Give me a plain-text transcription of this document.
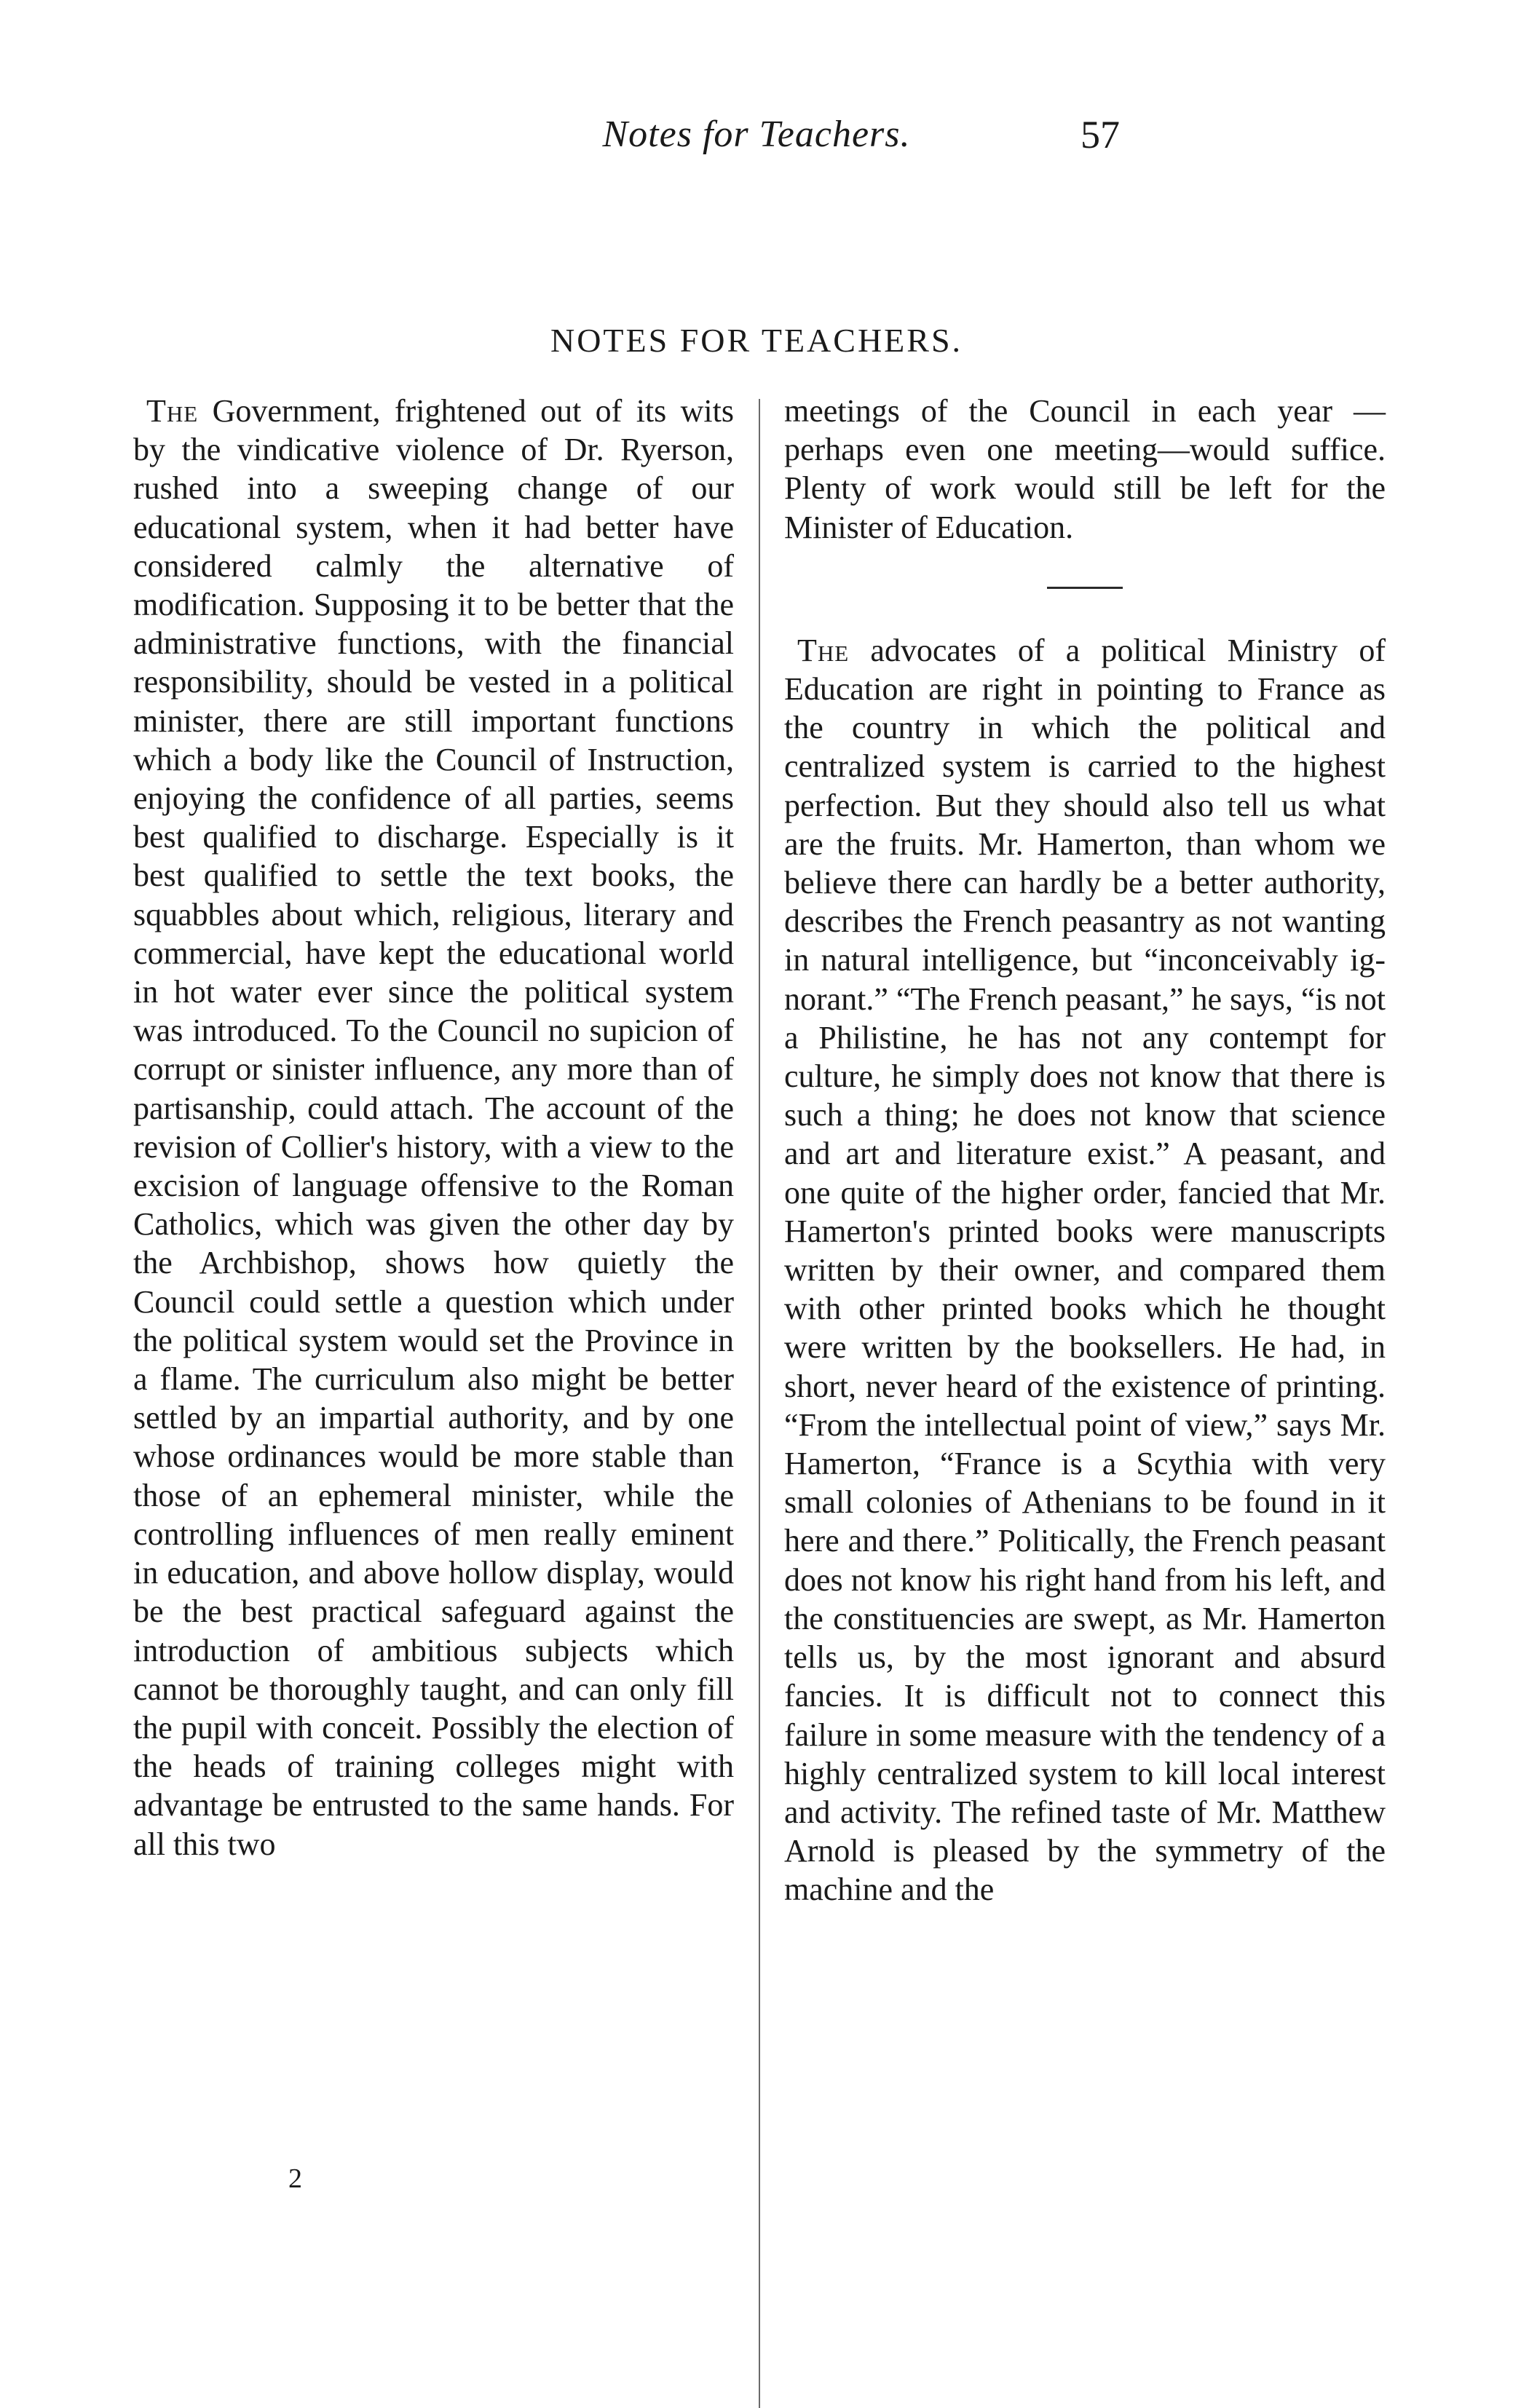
Notes for Teachers.	57
NOTES FOR TEACHERS.

The Government, frightened out of its wits by the vindicative violence of Dr. Ryerson, rushed into a sweeping change of our educational system, when it had better have considered calmly the alternative of modification. Supposing it to be better that the administrative functions, with the financial responsibility, should be vested in a political minister, there are still important functions which a body like the Council of Instruction, enjoying the confidence of all parties, seems best qualified to discharge. Especially is it best qualified to settle the text books, the squabbles about which, religious, literary and commercial, have kept the educational world in hot water ever since the political system was introduced. To the Council no supicion of corrupt or sinister influence, any more than of partisanship, could attach. The account of the revision of Collier's history, with a view to the excision of language offensive to the Roman Catholics, which was given the other day by the Archbishop, shows how quietly the Council could settle a question which under the political system would set the Province in a flame. The curriculum also might be better settled by an impartial authority, and by one whose ordinances would be more stable than those of an ephemeral minister, while the controlling influences of men really eminent in education, and above hollow display, would be the best practical safeguard against the introduction of ambitious subjects which cannot be thoroughly taught, and can only fill the pupil with conceit. Possibly the election of the heads of training colleges might with advantage be entrusted to the same hands. For all this two

meetings of the Council in each year —perhaps even one meeting—would suffice. Plenty of work would still be left for the Minister of Education.

The advocates of a political Ministry of Education are right in pointing to France as the country in which the political and centralized system is carried to the highest perfection. But they should also tell us what are the fruits. Mr. Hamerton, than whom we believe there can hardly be a better authority, describes the French peasantry as not wanting in natural intelligence, but “inconceivably ignorant.” “The French peasant,” he says, “is not a Philistine, he has not any contempt for culture, he simply does not know that there is such a thing; he does not know that science and art and literature exist.” A peasant, and one quite of the higher order, fancied that Mr. Hamerton's printed books were manuscripts written by their owner, and compared them with other printed books which he thought were written by the booksellers. He had, in short, never heard of the existence of printing. “From the intellectual point of view,” says Mr. Hamerton, “France is a Scythia with very small colonies of Athenians to be found in it here and there.” Politically, the French peasant does not know his right hand from his left, and the constituencies are swept, as Mr. Hamerton tells us, by the most ignorant and absurd fancies. It is difficult not to connect this failure in some measure with the tendency of a highly centralized system to kill local interest and activity. The refined taste of Mr. Matthew Arnold is pleased by the symmetry of the machine and the

2
